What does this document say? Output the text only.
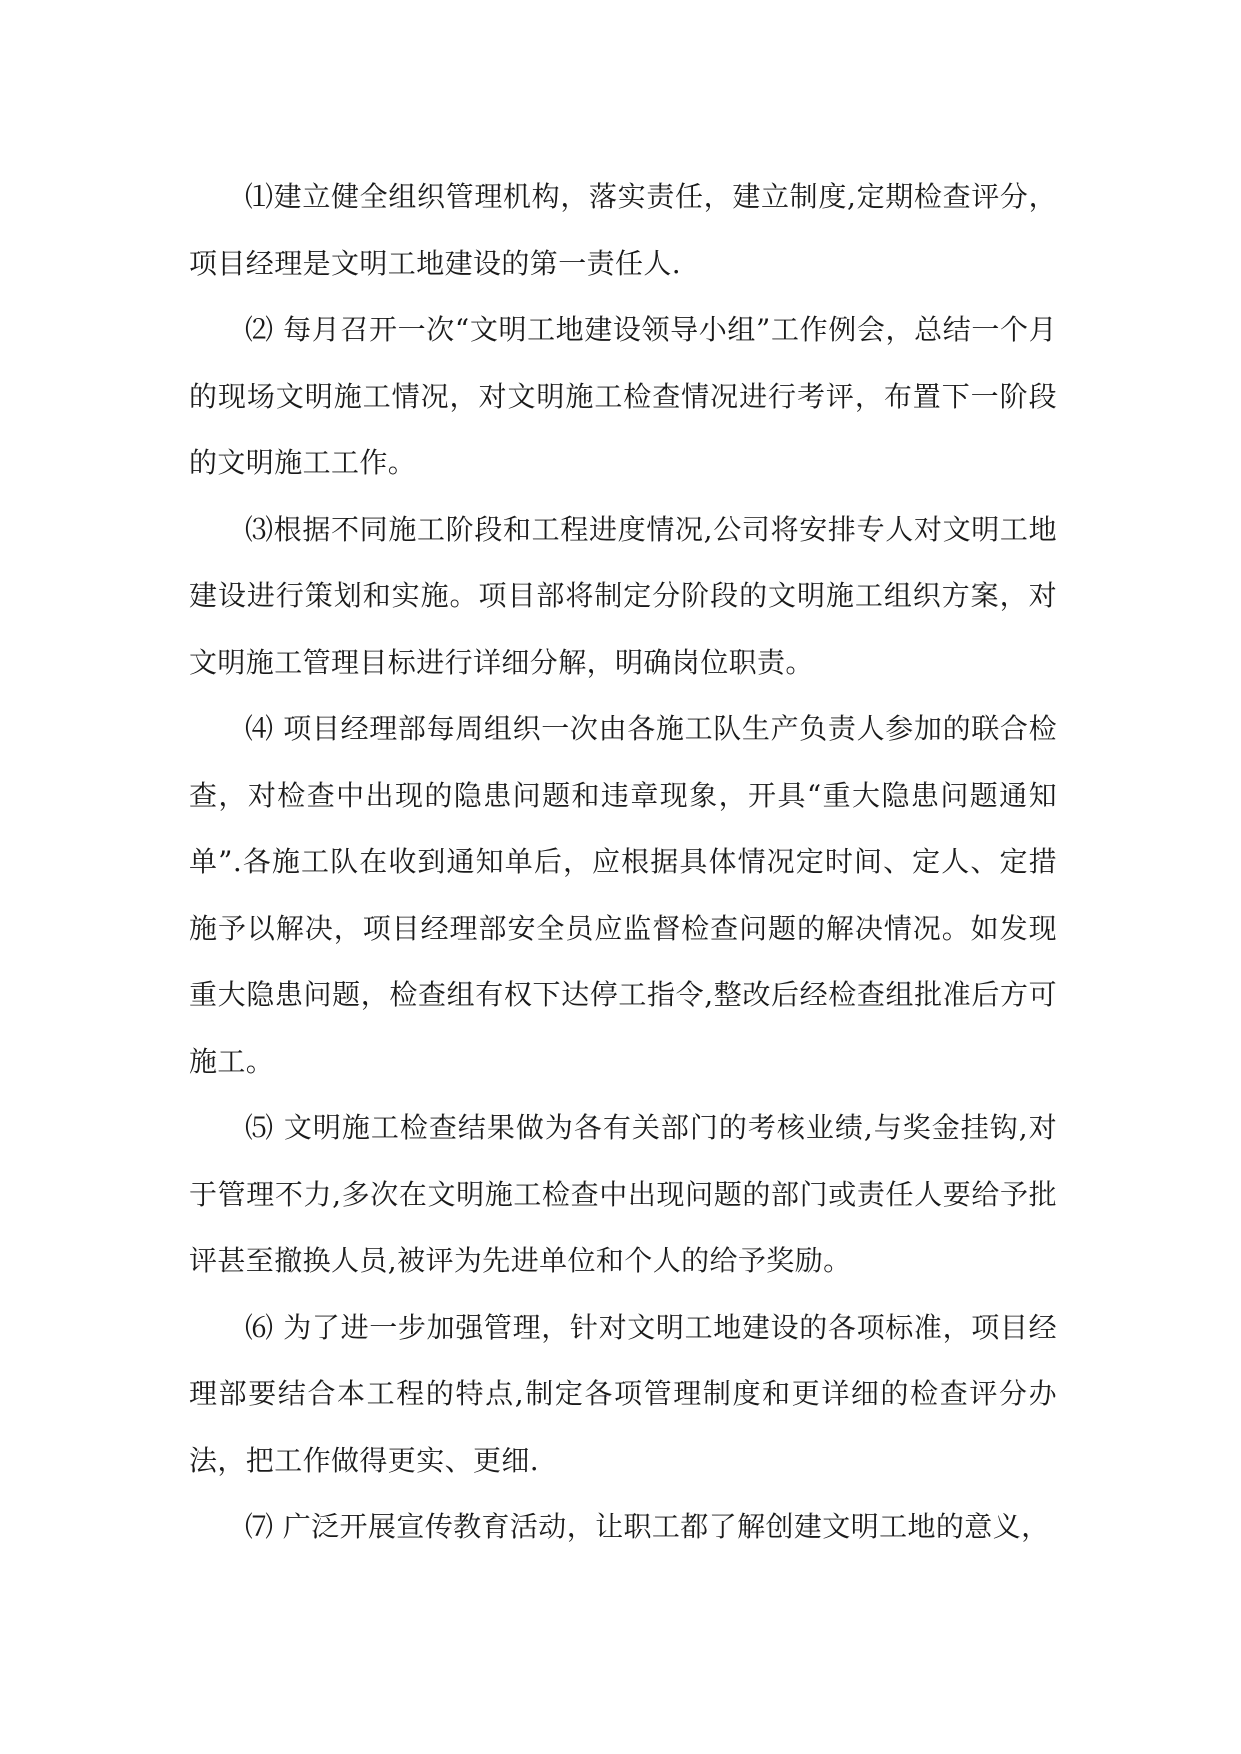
⑴建立健全组织管理机构，落实责任，建立制度,定期检查评分，项目经理是文明工地建设的第一责任人.

⑵ 每月召开一次“文明工地建设领导小组”工作例会，总结一个月的现场文明施工情况，对文明施工检查情况进行考评，布置下一阶段的文明施工工作。

⑶根据不同施工阶段和工程进度情况,公司将安排专人对文明工地建设进行策划和实施。项目部将制定分阶段的文明施工组织方案，对文明施工管理目标进行详细分解，明确岗位职责。

⑷ 项目经理部每周组织一次由各施工队生产负责人参加的联合检查，对检查中出现的隐患问题和违章现象，开具“重大隐患问题通知单”.各施工队在收到通知单后，应根据具体情况定时间、定人、定措施予以解决，项目经理部安全员应监督检查问题的解决情况。如发现重大隐患问题，检查组有权下达停工指令,整改后经检查组批准后方可施工。

⑸ 文明施工检查结果做为各有关部门的考核业绩,与奖金挂钩,对于管理不力,多次在文明施工检查中出现问题的部门或责任人要给予批评甚至撤换人员,被评为先进单位和个人的给予奖励。

⑹ 为了进一步加强管理，针对文明工地建设的各项标准，项目经理部要结合本工程的特点,制定各项管理制度和更详细的检查评分办法，把工作做得更实、更细.

⑺ 广泛开展宣传教育活动，让职工都了解创建文明工地的意义，
